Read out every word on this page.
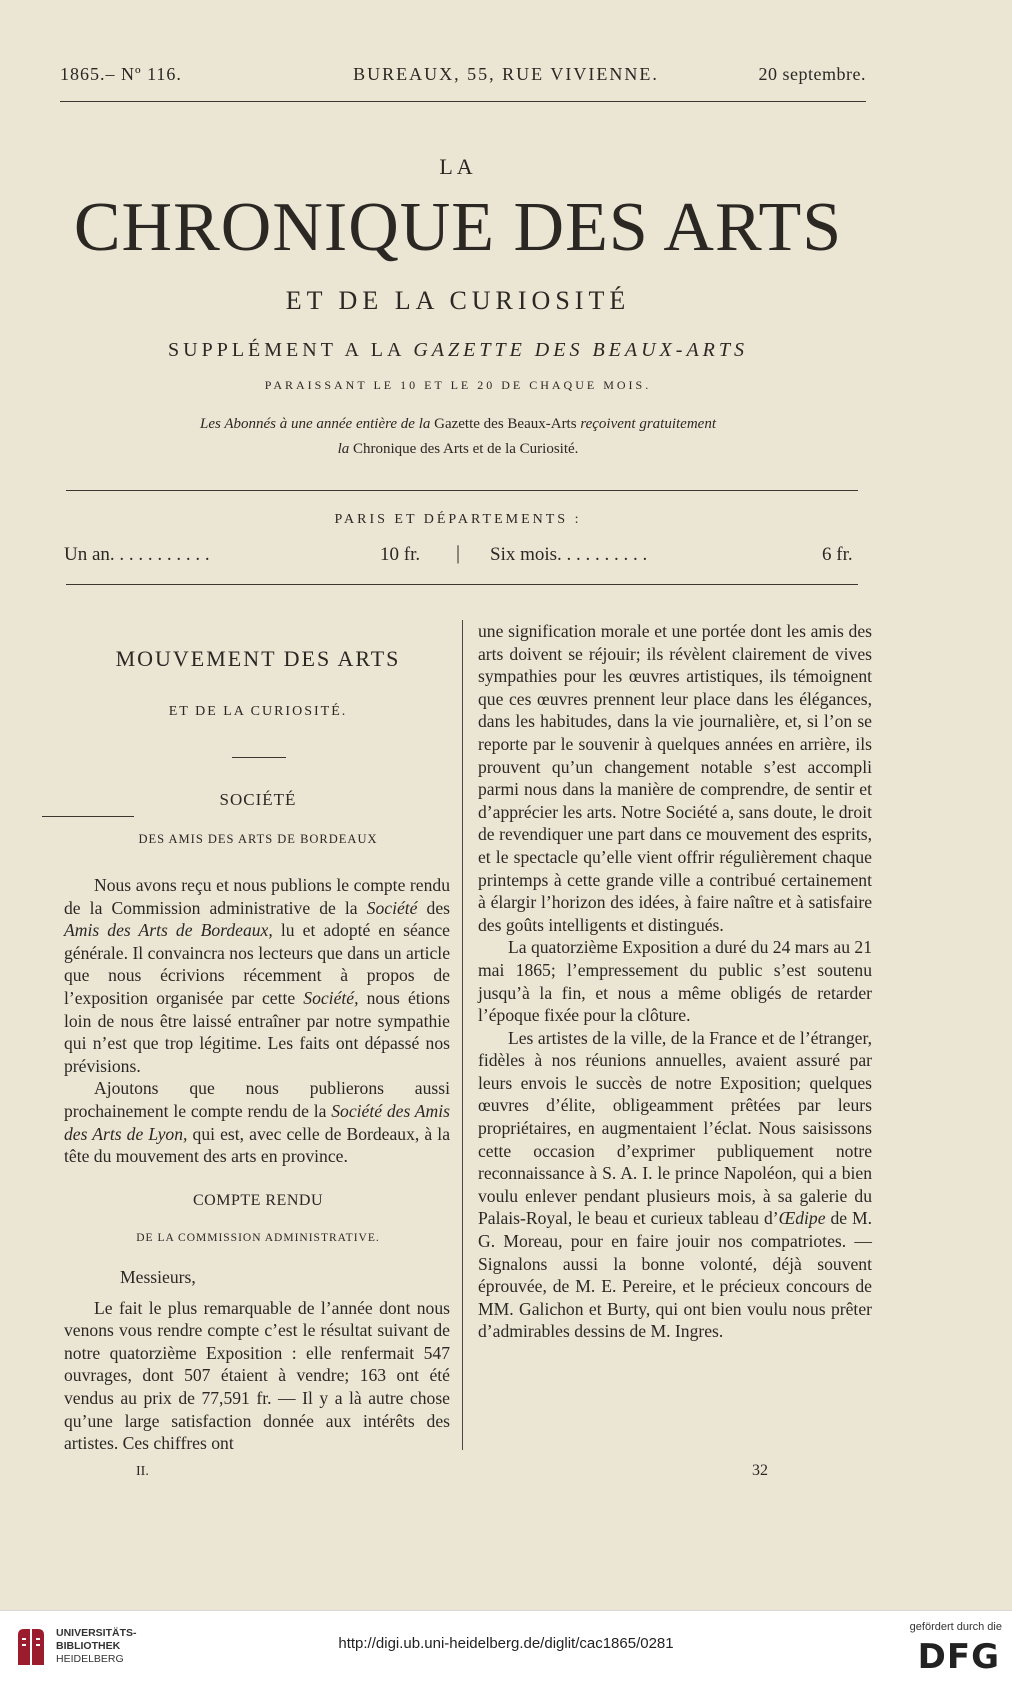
1865.– Nº 116.	BUREAUX, 55, RUE VIVIENNE.	20 septembre.
LA
CHRONIQUE DES ARTS
ET DE LA CURIOSITÉ
SUPPLÉMENT A LA GAZETTE DES BEAUX-ARTS
PARAISSANT LE 10 ET LE 20 DE CHAQUE MOIS.
Les Abonnés à une année entière de la Gazette des Beaux-Arts reçoivent gratuitement
la Chronique des Arts et de la Curiosité.
PARIS ET DÉPARTEMENTS :
Un an. . . . . . . . . . .	10 fr. | Six mois. . . . . . . . . .	6 fr.
MOUVEMENT DES ARTS
ET DE LA CURIOSITÉ.
SOCIÉTÉ
DES AMIS DES ARTS DE BORDEAUX

Nous avons reçu et nous publions le compte rendu de la Commission administrative de la Société des Amis des Arts de Bordeaux, lu et adopté en séance générale. Il convaincra nos lecteurs que dans un article que nous écrivions récemment à propos de l’exposition organisée par cette Société, nous étions loin de nous être laissé entraîner par notre sympathie qui n’est que trop légitime. Les faits ont dépassé nos prévisions.

Ajoutons que nous publierons aussi prochainement le compte rendu de la Société des Amis des Arts de Lyon, qui est, avec celle de Bordeaux, à la tête du mouvement des arts en province.

COMPTE RENDU
DE LA COMMISSION ADMINISTRATIVE.

Messieurs,

Le fait le plus remarquable de l’année dont nous venons vous rendre compte c’est le résultat suivant de notre quatorzième Exposition : elle renfermait 547 ouvrages, dont 507 étaient à vendre; 163 ont été vendus au prix de 77,591 fr. — Il y a là autre chose qu’une large satisfaction donnée aux intérêts des artistes. Ces chiffres ont

II.

une signification morale et une portée dont les amis des arts doivent se réjouir; ils révèlent clairement de vives sympathies pour les œuvres artistiques, ils témoignent que ces œuvres prennent leur place dans les élégances, dans les habitudes, dans la vie journalière, et, si l’on se reporte par le souvenir à quelques années en arrière, ils prouvent qu’un changement notable s’est accompli parmi nous dans la manière de comprendre, de sentir et d’apprécier les arts. Notre Société a, sans doute, le droit de revendiquer une part dans ce mouvement des esprits, et le spectacle qu’elle vient offrir régulièrement chaque printemps à cette grande ville a contribué certainement à élargir l’horizon des idées, à faire naître et à satisfaire des goûts intelligents et distingués.

La quatorzième Exposition a duré du 24 mars au 21 mai 1865; l’empressement du public s’est soutenu jusqu’à la fin, et nous a même obligés de retarder l’époque fixée pour la clôture.

Les artistes de la ville, de la France et de l’étranger, fidèles à nos réunions annuelles, avaient assuré par leurs envois le succès de notre Exposition; quelques œuvres d’élite, obligeamment prêtées par leurs propriétaires, en augmentaient l’éclat. Nous saisissons cette occasion d’exprimer publiquement notre reconnaissance à S. A. I. le prince Napoléon, qui a bien voulu enlever pendant plusieurs mois, à sa galerie du Palais-Royal, le beau et curieux tableau d’Œdipe de M. G. Moreau, pour en faire jouir nos compatriotes. — Signalons aussi la bonne volonté, déjà souvent éprouvée, de M. E. Pereire, et le précieux concours de MM. Galichon et Burty, qui ont bien voulu nous prêter d’admirables dessins de M. Ingres.

32
UNIVERSITÄTS-
BIBLIOTHEK
HEIDELBERG
http://digi.ub.uni-heidelberg.de/diglit/cac1865/0281
gefördert durch die
DFG
